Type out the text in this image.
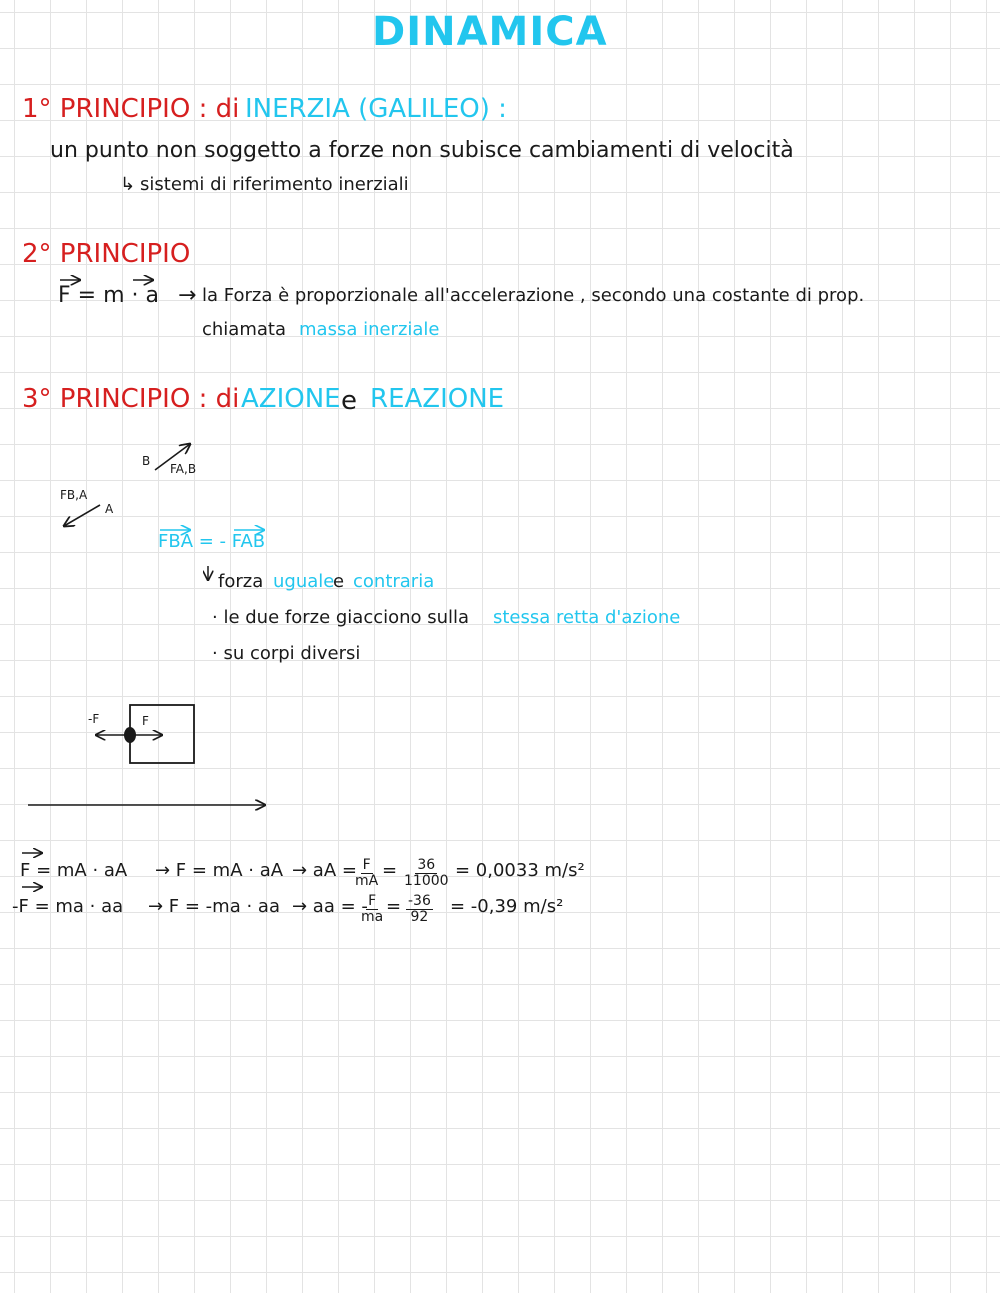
DINAMICA
1° PRINCIPIO : di INERZIA (GALILEO) :
un punto non soggetto a forze non subisce cambiamenti di velocità
↳ sistemi di riferimento inerziali
2° PRINCIPIO
F = m · a → la Forza è proporzionale all'accelerazione , secondo una costante di prop.
chiamata massa inerziale
3° PRINCIPIO : di AZIONE e REAZIONE
B
FA,B
FB,A
A
FBA = - FAB
forza uguale
e contraria
· le due forze giacciono sulla stessa retta d'azione
· su corpi diversi
-F	F
F = mA · aA → F = mA · aA → aA =
$\frac{F}{mA} = \frac{36}{11000} = 0,0033$ m/s²
-F = ma · aa → F = -ma · aa → aa = -
$\frac{F}{ma} = \frac{-36}{92} = -0,39$ m/s²
